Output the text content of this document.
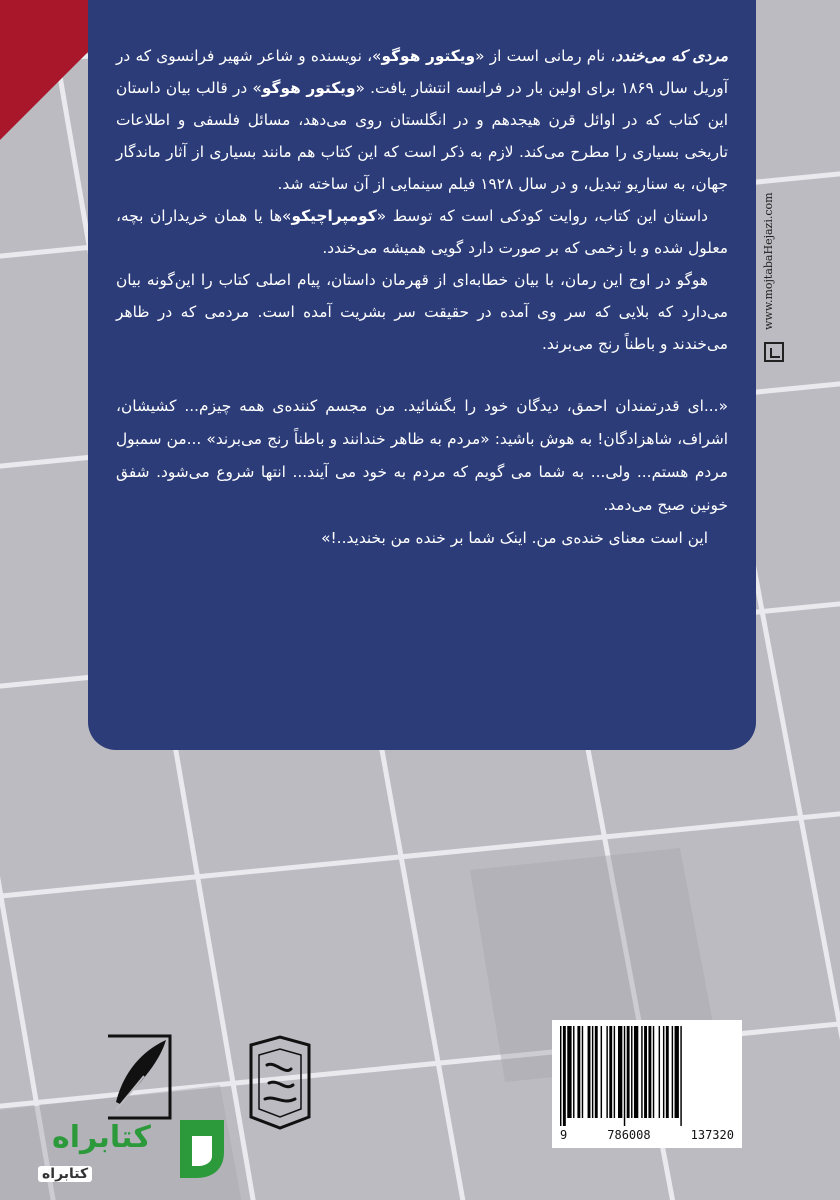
مردی که می‌خندد، نام رمانی است از «ویکتور هوگو»، نویسنده و شاعر شهیر فرانسوی که در آوریل سال ۱۸۶۹ برای اولین بار در فرانسه انتشار یافت. «ویکتور هوگو» در قالب بیان داستان این کتاب که در اوائل قرن هیجدهم و در انگلستان روی می‌دهد، مسائل فلسفی و اطلاعات تاریخی بسیاری را مطرح می‌کند. لازم به ذکر است که این کتاب هم مانند بسیاری از آثار ماندگار جهان، به سناریو تبدیل، و در سال ۱۹۲۸ فیلم سینمایی از آن ساخته شد.

داستان این کتاب، روایت کودکی است که توسط «کومپراچیکو»ها یا همان خریداران بچه، معلول شده و با زخمی که بر صورت دارد گویی همیشه می‌خندد.

هوگو در اوج این رمان، با بیان خطابه‌ای از قهرمان داستان، پیام اصلی کتاب را این‌گونه بیان می‌دارد که بلایی که سر وی آمده در حقیقت سر بشریت آمده است. مردمی که در ظاهر می‌خندند و باطناً رنج می‌برند.

«...ای قدرتمندان احمق، دیدگان خود را بگشائید. من مجسم کننده‌ی همه چیزم... کشیشان، اشراف، شاهزادگان! به هوش باشید: «مردم به ظاهر خندانند و باطناً رنج می‌برند» ...من سمبول مردم هستم... ولی... به شما می گویم که مردم به خود می آیند... انتها شروع می‌شود. شفق خونین صبح می‌دمد.

این است معنای خنده‌ی من. اینک شما بر خنده من بخندید..!»

www.mojtabaHejazi.com
9	786008	137320
کتابراه
کتابراه
